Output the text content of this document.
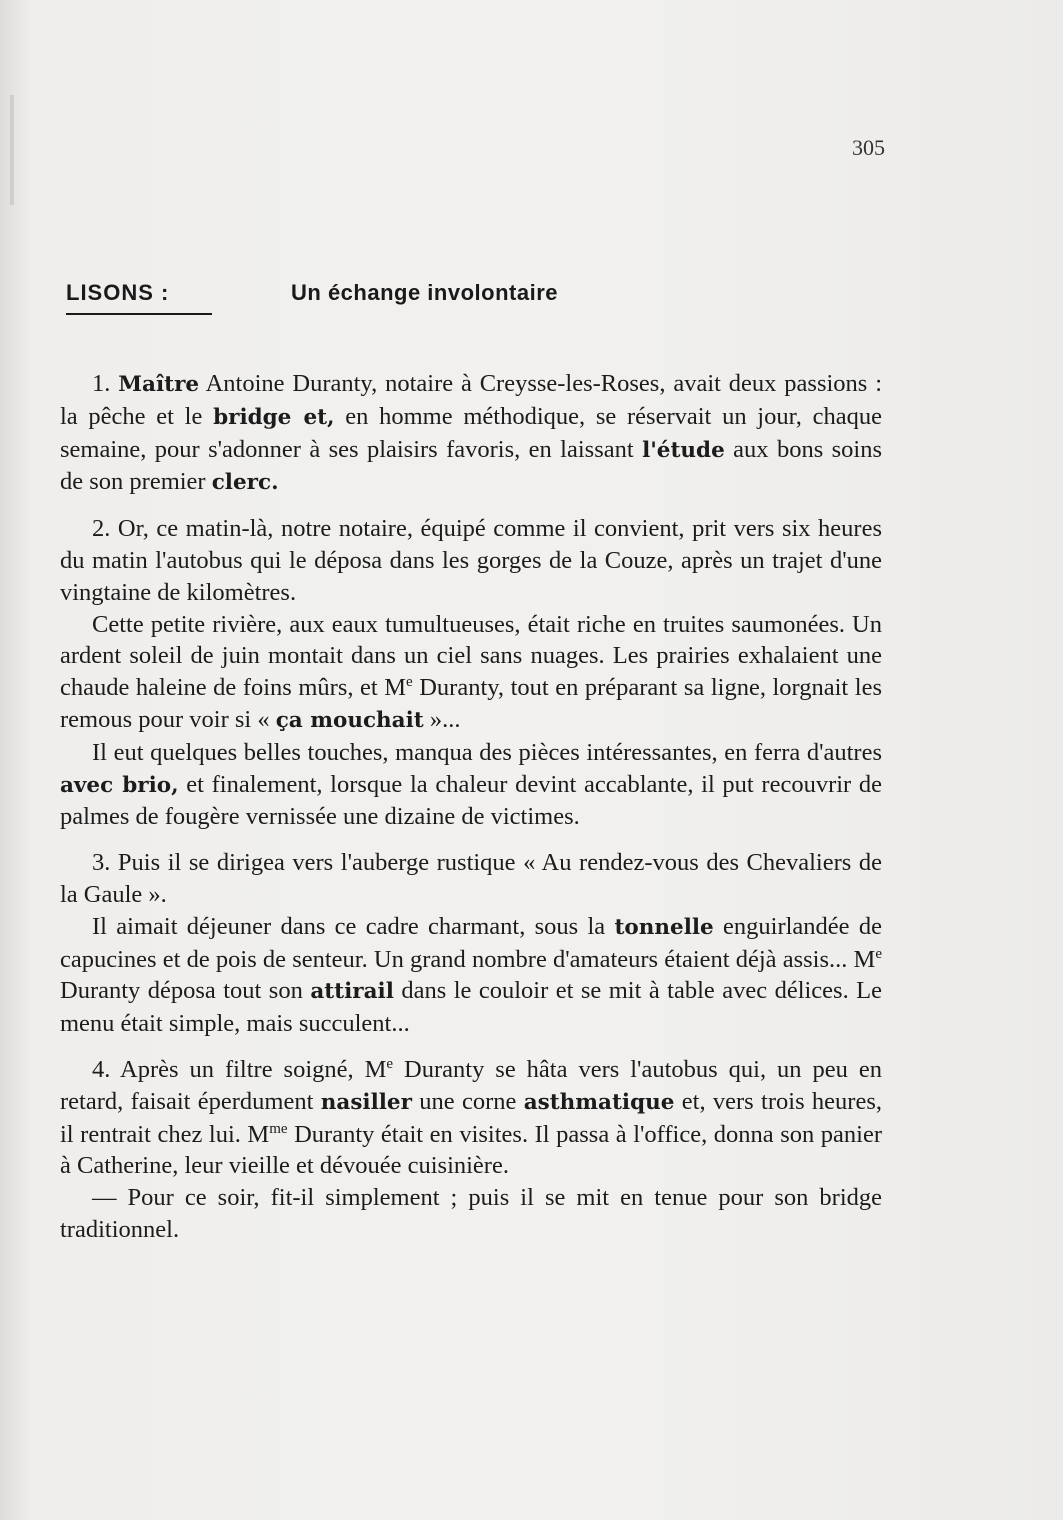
305
LISONS :	Un échange involontaire

1. Maître Antoine Duranty, notaire à Creysse-les-Roses, avait deux passions : la pêche et le bridge et, en homme méthodique, se réservait un jour, chaque semaine, pour s'adonner à ses plaisirs favoris, en laissant l'étude aux bons soins de son premier clerc.

2. Or, ce matin-là, notre notaire, équipé comme il convient, prit vers six heures du matin l'autobus qui le déposa dans les gorges de la Couze, après un trajet d'une vingtaine de kilomètres.

Cette petite rivière, aux eaux tumultueuses, était riche en truites saumonées. Un ardent soleil de juin montait dans un ciel sans nuages. Les prairies exhalaient une chaude haleine de foins mûrs, et Me Duranty, tout en préparant sa ligne, lorgnait les remous pour voir si « ça mouchait »...

Il eut quelques belles touches, manqua des pièces intéressantes, en ferra d'autres avec brio, et finalement, lorsque la chaleur devint accablante, il put recouvrir de palmes de fougère vernissée une dizaine de victimes.

3. Puis il se dirigea vers l'auberge rustique « Au rendez-vous des Chevaliers de la Gaule ».

Il aimait déjeuner dans ce cadre charmant, sous la tonnelle enguirlandée de capucines et de pois de senteur. Un grand nombre d'amateurs étaient déjà assis... Me Duranty déposa tout son attirail dans le couloir et se mit à table avec délices. Le menu était simple, mais succulent...

4. Après un filtre soigné, Me Duranty se hâta vers l'autobus qui, un peu en retard, faisait éperdument nasiller une corne asthmatique et, vers trois heures, il rentrait chez lui. $M^{me}$ Duranty était en visites. Il passa à l'office, donna son panier à Catherine, leur vieille et dévouée cuisinière.

— Pour ce soir, fit-il simplement ; puis il se mit en tenue pour son bridge traditionnel.
